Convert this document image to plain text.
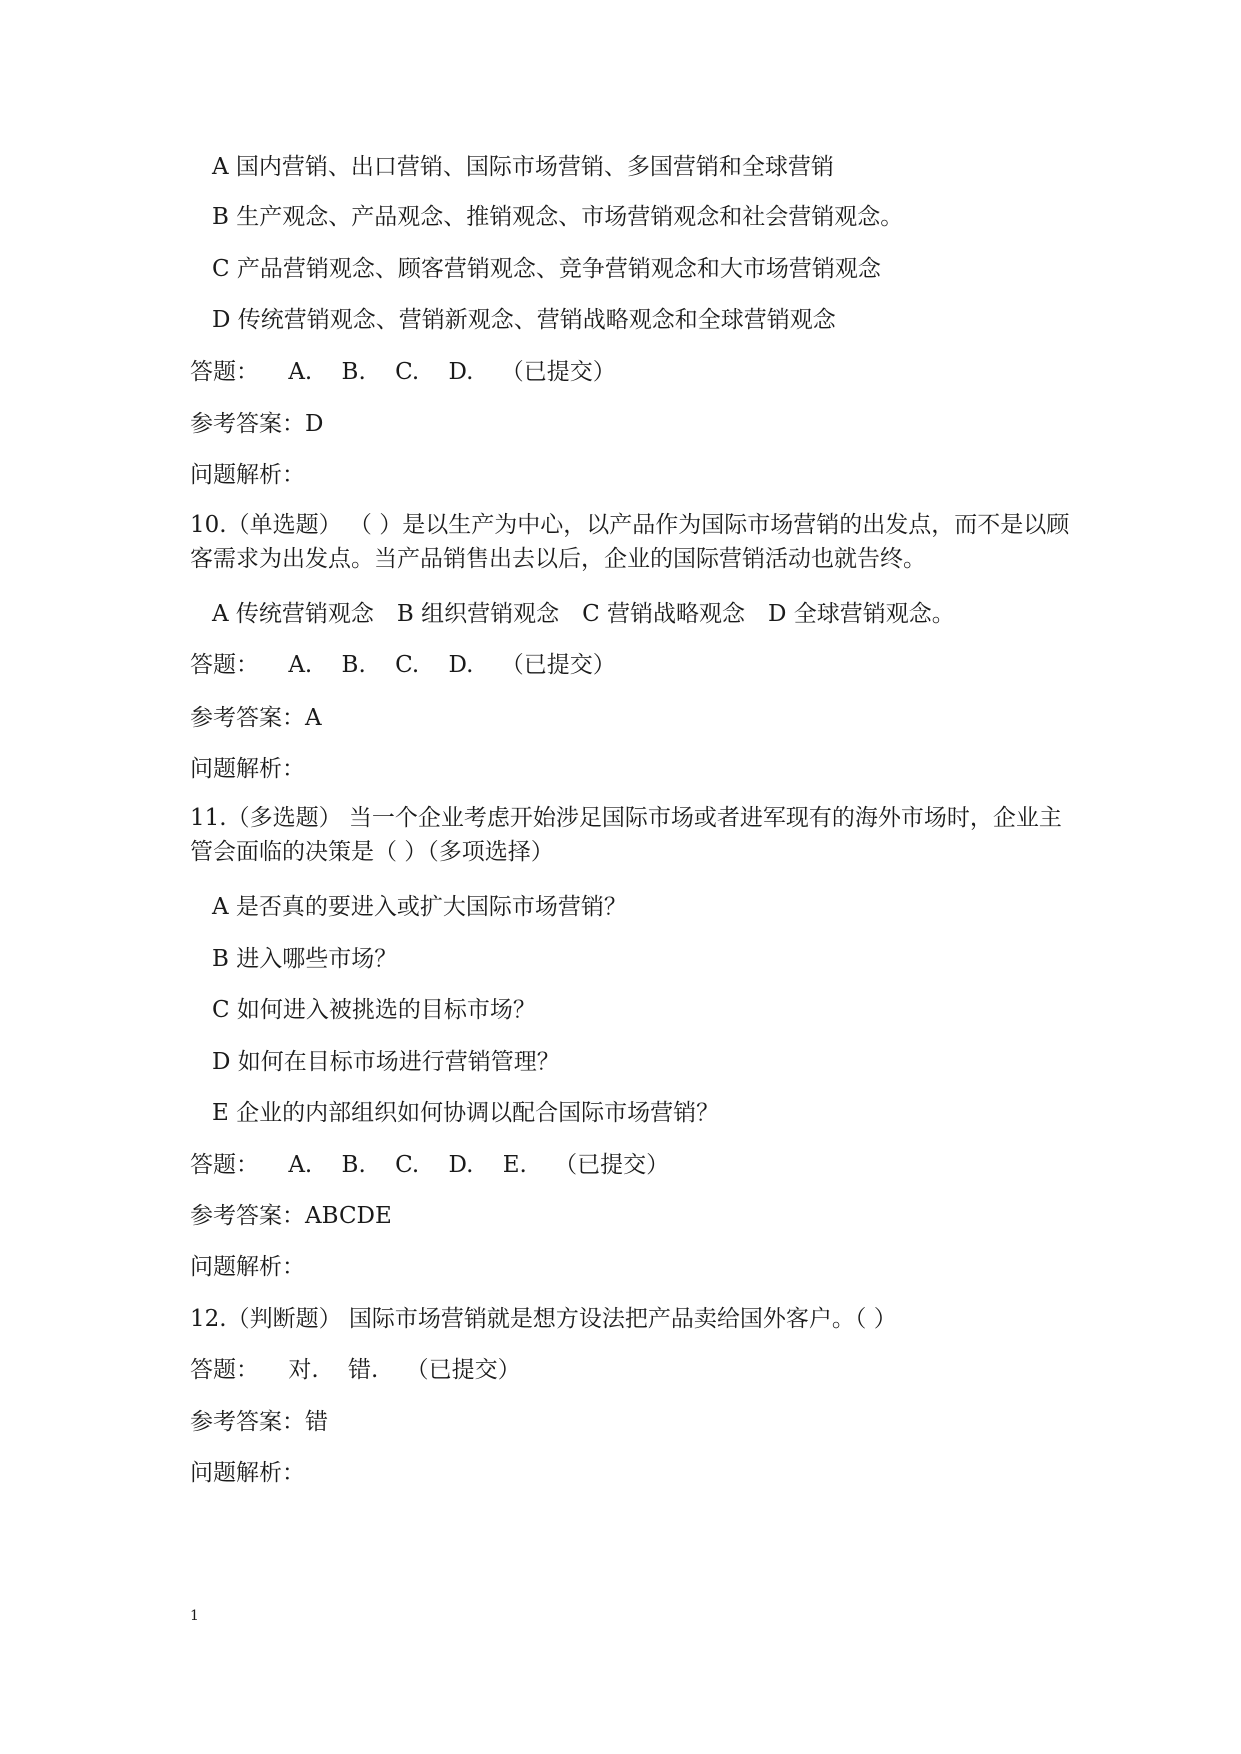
A 国内营销、出口营销、国际市场营销、多国营销和全球营销
B 生产观念、产品观念、推销观念、市场营销观念和社会营销观念。
C 产品营销观念、顾客营销观念、竞争营销观念和大市场营销观念
D 传统营销观念、营销新观念、营销战略观念和全球营销观念
答题： A. B. C. D. （已提交）
参考答案：D
问题解析：
10.（单选题） （ ）是以生产为中心，以产品作为国际市场营销的出发点，而不是以顾客需求为出发点。当产品销售出去以后，企业的国际营销活动也就告终。
A 传统营销观念　B 组织营销观念　C 营销战略观念　D 全球营销观念。
答题： A. B. C. D. （已提交）
参考答案：A
问题解析：
11.（多选题） 当一个企业考虑开始涉足国际市场或者进军现有的海外市场时，企业主管会面临的决策是（ ）（多项选择）
A 是否真的要进入或扩大国际市场营销？
B 进入哪些市场？
C 如何进入被挑选的目标市场？
D 如何在目标市场进行营销管理？
E 企业的内部组织如何协调以配合国际市场营销？
答题： A. B. C. D. E. （已提交）
参考答案：ABCDE
问题解析：
12.（判断题） 国际市场营销就是想方设法把产品卖给国外客户。（ ）
答题： 对. 错. （已提交）
参考答案：错
问题解析：
1
